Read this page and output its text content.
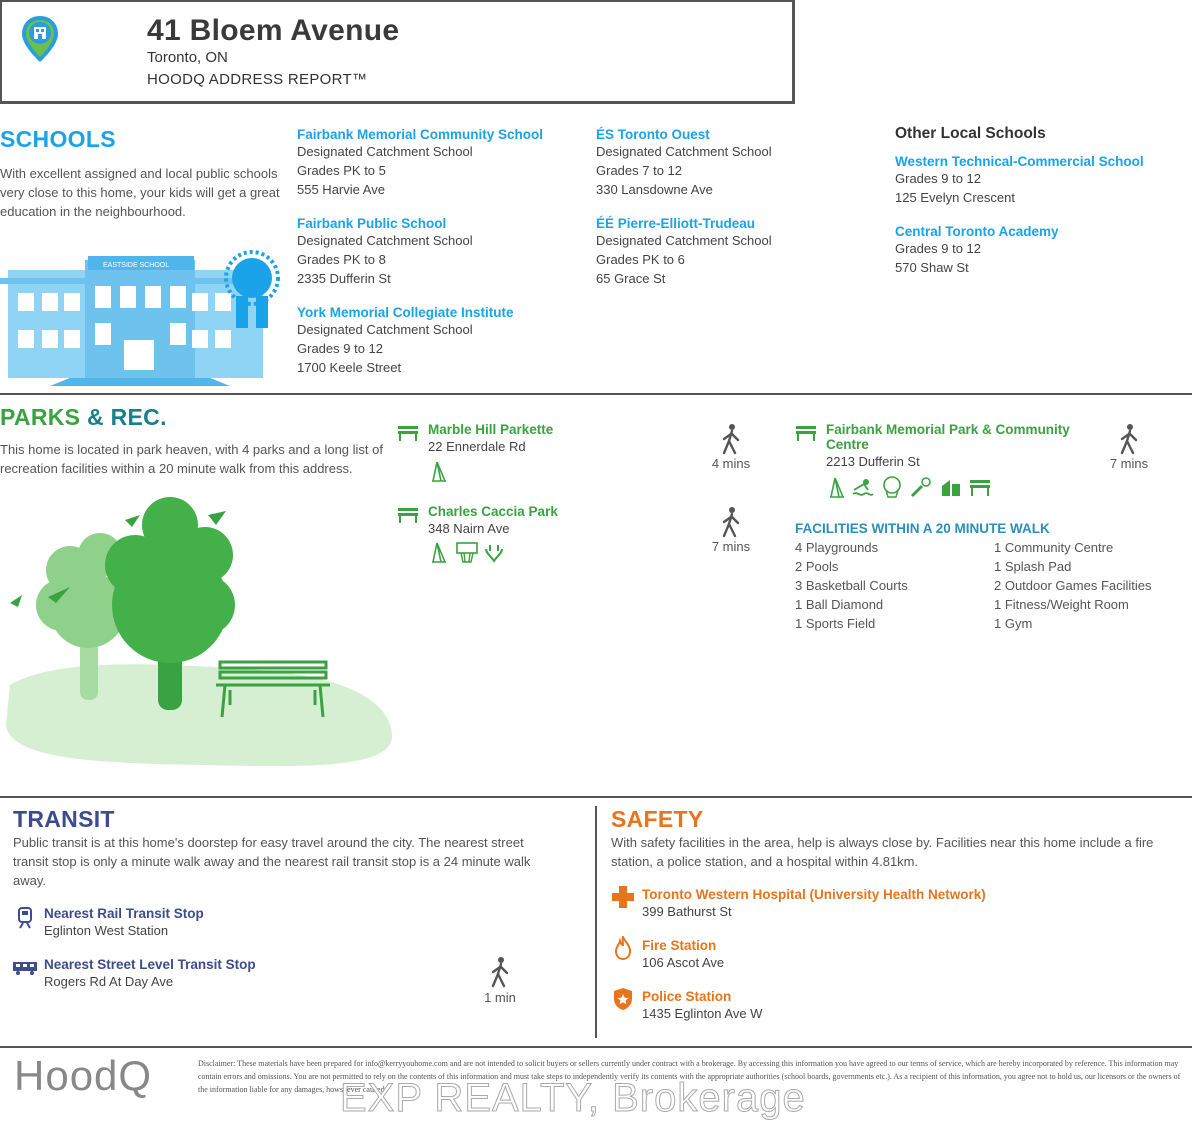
41 Bloem Avenue
Toronto, ON
HOODQ ADDRESS REPORT™
SCHOOLS
With excellent assigned and local public schools
very close to this home, your kids will get a great
education in the neighbourhood.
EASTSIDE SCHOOL
Fairbank Memorial Community School
Designated Catchment School
Grades PK to 5
555 Harvie Ave
Fairbank Public School
Designated Catchment School
Grades PK to 8
2335 Dufferin St
York Memorial Collegiate Institute
Designated Catchment School
Grades 9 to 12
1700 Keele Street
ÉS Toronto Ouest
Designated Catchment School
Grades 7 to 12
330 Lansdowne Ave
ÉÉ Pierre-Elliott-Trudeau
Designated Catchment School
Grades PK to 6
65 Grace St
Other Local Schools
Western Technical-Commercial School
Grades 9 to 12
125 Evelyn Crescent
Central Toronto Academy
Grades 9 to 12
570 Shaw St
PARKS & REC.
This home is located in park heaven, with 4 parks and a long list of
recreation facilities within a 20 minute walk from this address.
Marble Hill Parkette
22 Ennerdale Rd
4 mins
Charles Caccia Park
348 Nairn Ave
7 mins
Fairbank Memorial Park & Community
Centre
2213 Dufferin St	7 mins
FACILITIES WITHIN A 20 MINUTE WALK
4 Playgrounds
2 Pools
3 Basketball Courts
1 Ball Diamond
1 Sports Field
1 Community Centre
1 Splash Pad
2 Outdoor Games Facilities
1 Fitness/Weight Room
1 Gym
TRANSIT
Public transit is at this home's doorstep for easy travel around the city. The nearest street
transit stop is only a minute walk away and the nearest rail transit stop is a 24 minute walk
away.
Nearest Rail Transit Stop
Eglinton West Station
Nearest Street Level Transit Stop
Rogers Rd At Day Ave
1 min
SAFETY
With safety facilities in the area, help is always close by. Facilities near this home include a fire
station, a police station, and a hospital within 4.81km.
Toronto Western Hospital (University Health Network)
399 Bathurst St
Fire Station
106 Ascot Ave
Police Station
1435 Eglinton Ave W
HoodQ	Disclaimer: These materials have been prepared for info@kerryyouhome.com and are not intended to solicit buyers or sellers currently under contract with a brokerage. By accessing this information you have agreed to our terms of service, which are hereby incorporated by reference. This information may contain errors and omissions. You are not permitted to rely on the contents of this information and must take steps to independently verify its contents with the appropriate authorities (school boards, governments etc.). As a recipient of this information, you agree not to hold us, our licensors or the owners of the information liable for any damages, howsoever caused.
EXP REALTY, Brokerage
